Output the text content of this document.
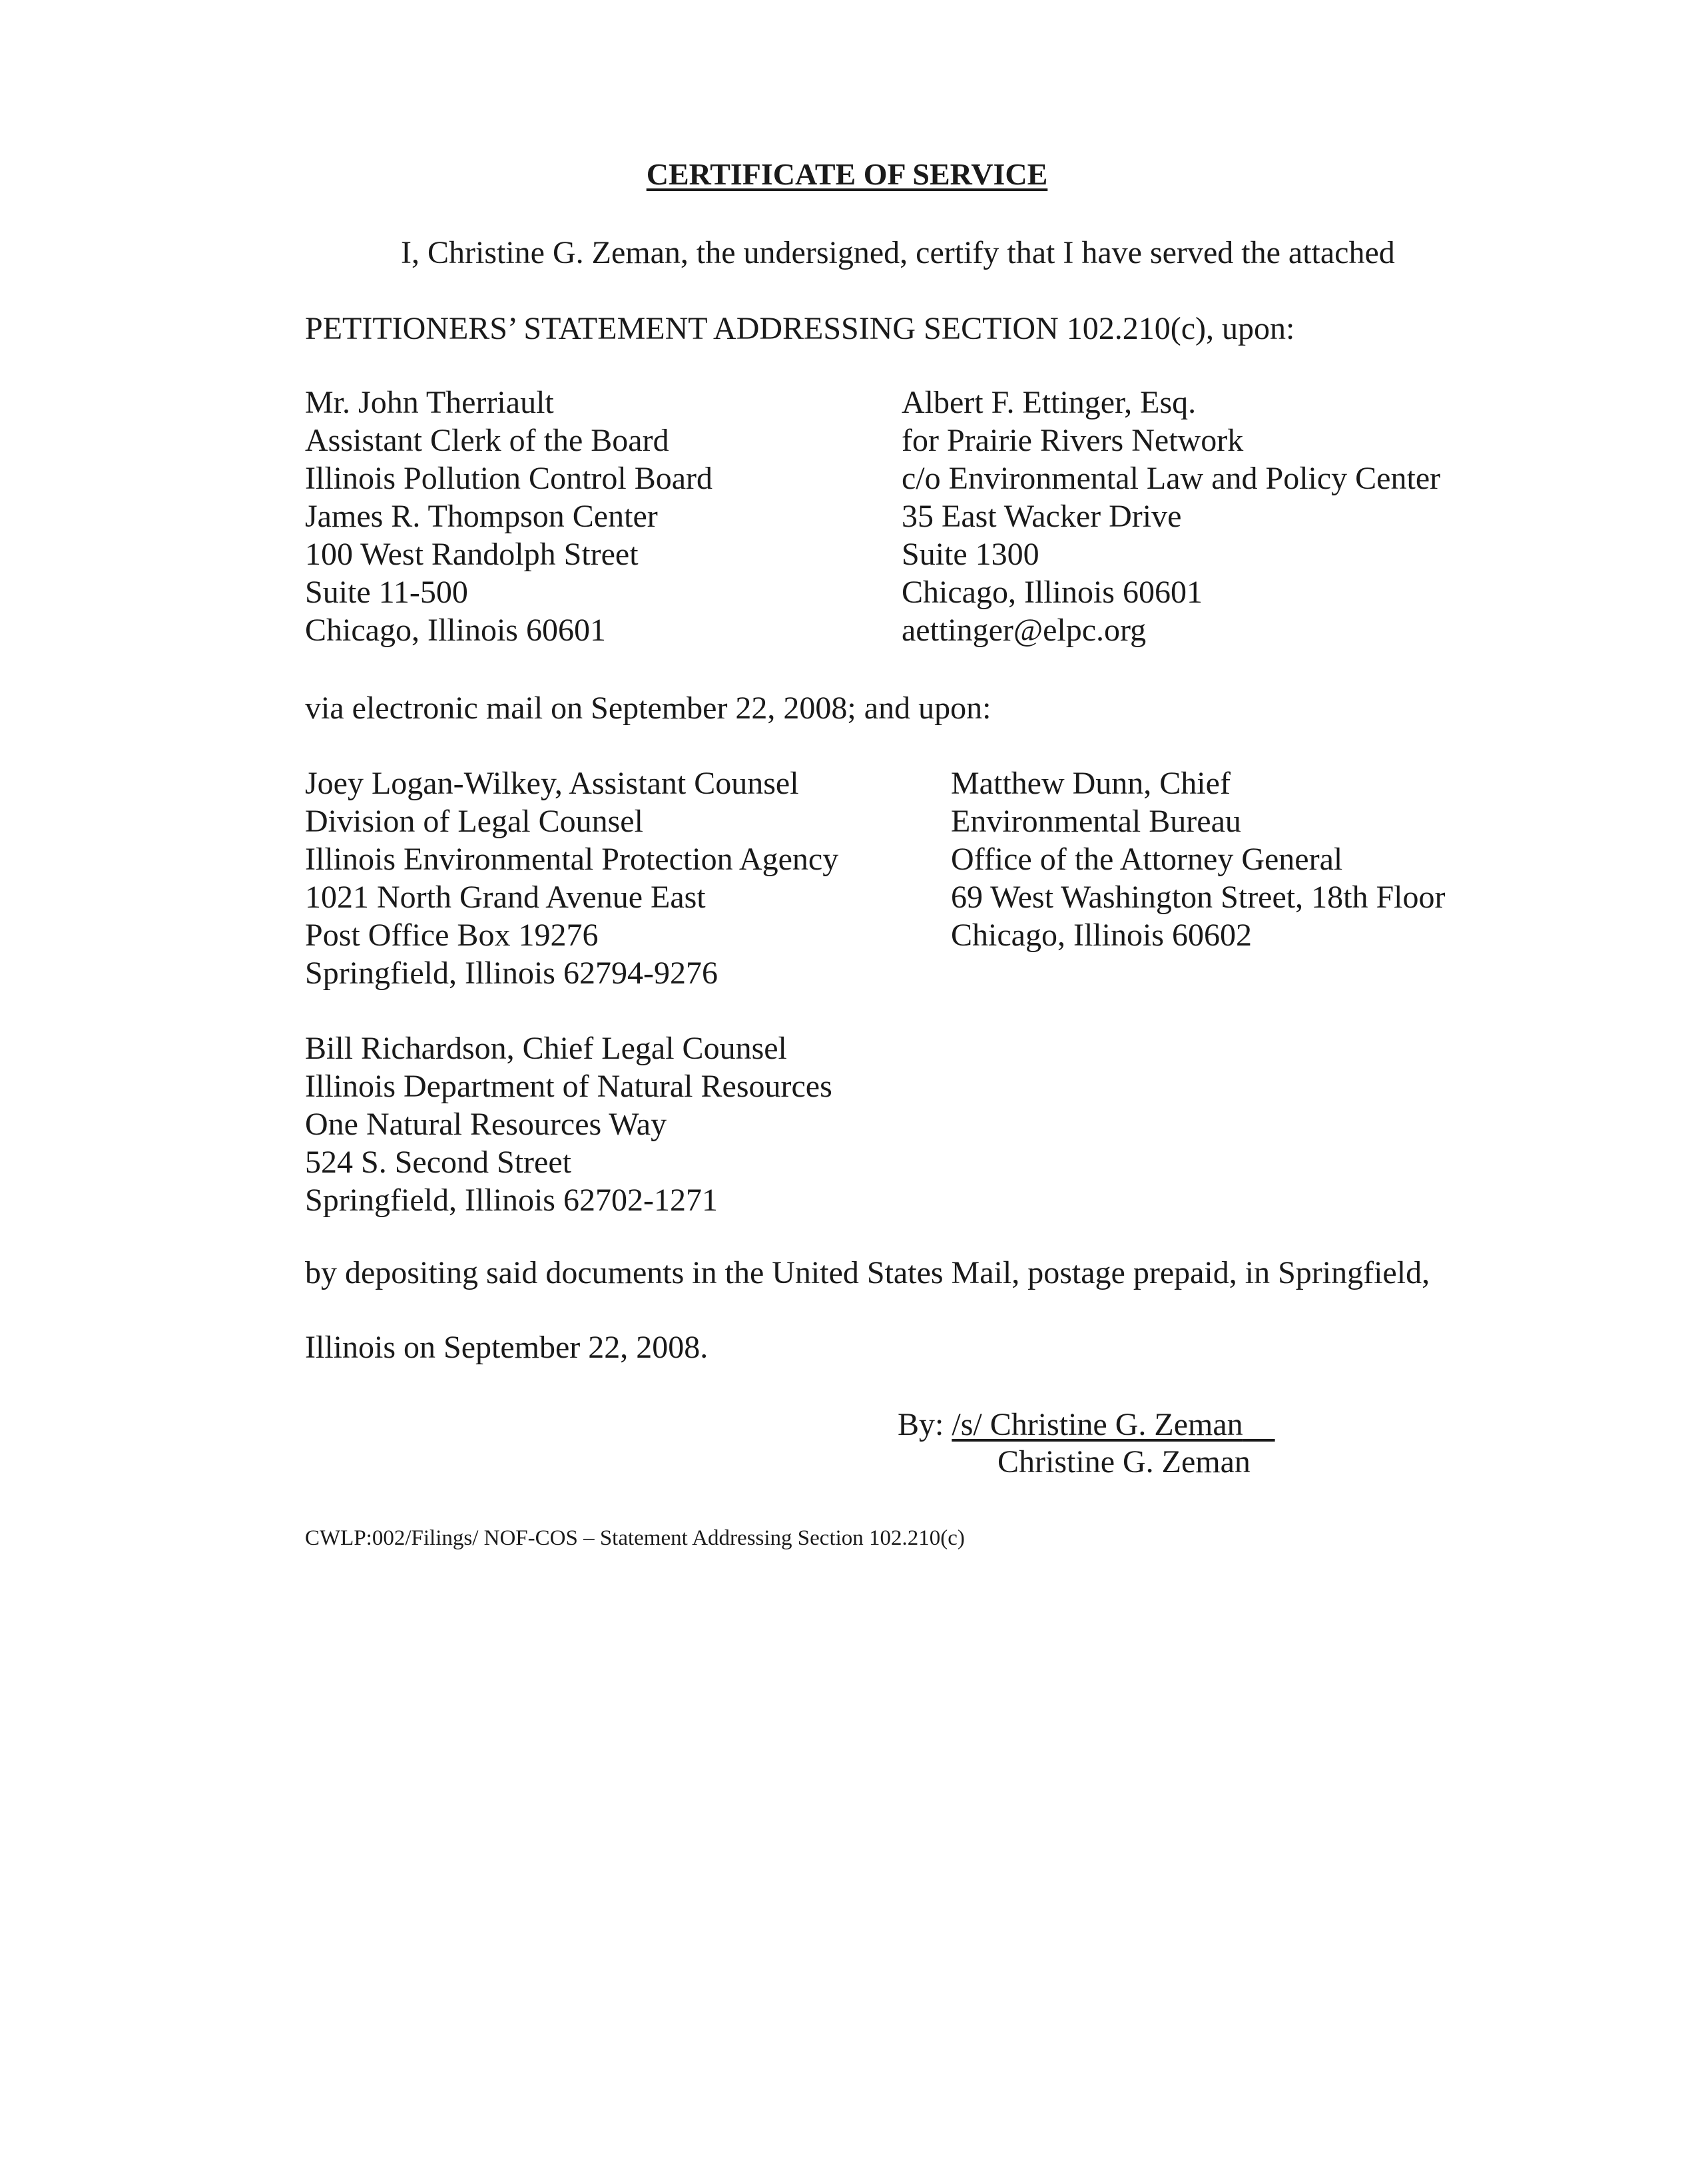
CERTIFICATE OF SERVICE
I, Christine G. Zeman, the undersigned, certify that I have served the attached
PETITIONERS’ STATEMENT ADDRESSING SECTION 102.210(c), upon:
Mr. John Therriault
Assistant Clerk of the Board
Illinois Pollution Control Board
James R. Thompson Center
100 West Randolph Street
Suite 11-500
Chicago, Illinois 60601
Albert F. Ettinger, Esq.
for Prairie Rivers Network
c/o Environmental Law and Policy Center
35 East Wacker Drive
Suite 1300
Chicago, Illinois 60601
aettinger@elpc.org
via electronic mail on September 22, 2008; and upon:
Joey Logan-Wilkey, Assistant Counsel
Division of Legal Counsel
Illinois Environmental Protection Agency
1021 North Grand Avenue East
Post Office Box 19276
Springfield, Illinois 62794-9276
Matthew Dunn, Chief
Environmental Bureau
Office of the Attorney General
69 West Washington Street, 18th Floor
Chicago, Illinois 60602
Bill Richardson, Chief Legal Counsel
Illinois Department of Natural Resources
One Natural Resources Way
524 S. Second Street
Springfield, Illinois 62702-1271
by depositing said documents in the United States Mail, postage prepaid, in Springfield,
Illinois on September 22, 2008.
By: /s/ Christine G. Zeman
Christine G. Zeman
CWLP:002/Filings/ NOF-COS – Statement Addressing Section 102.210(c)
